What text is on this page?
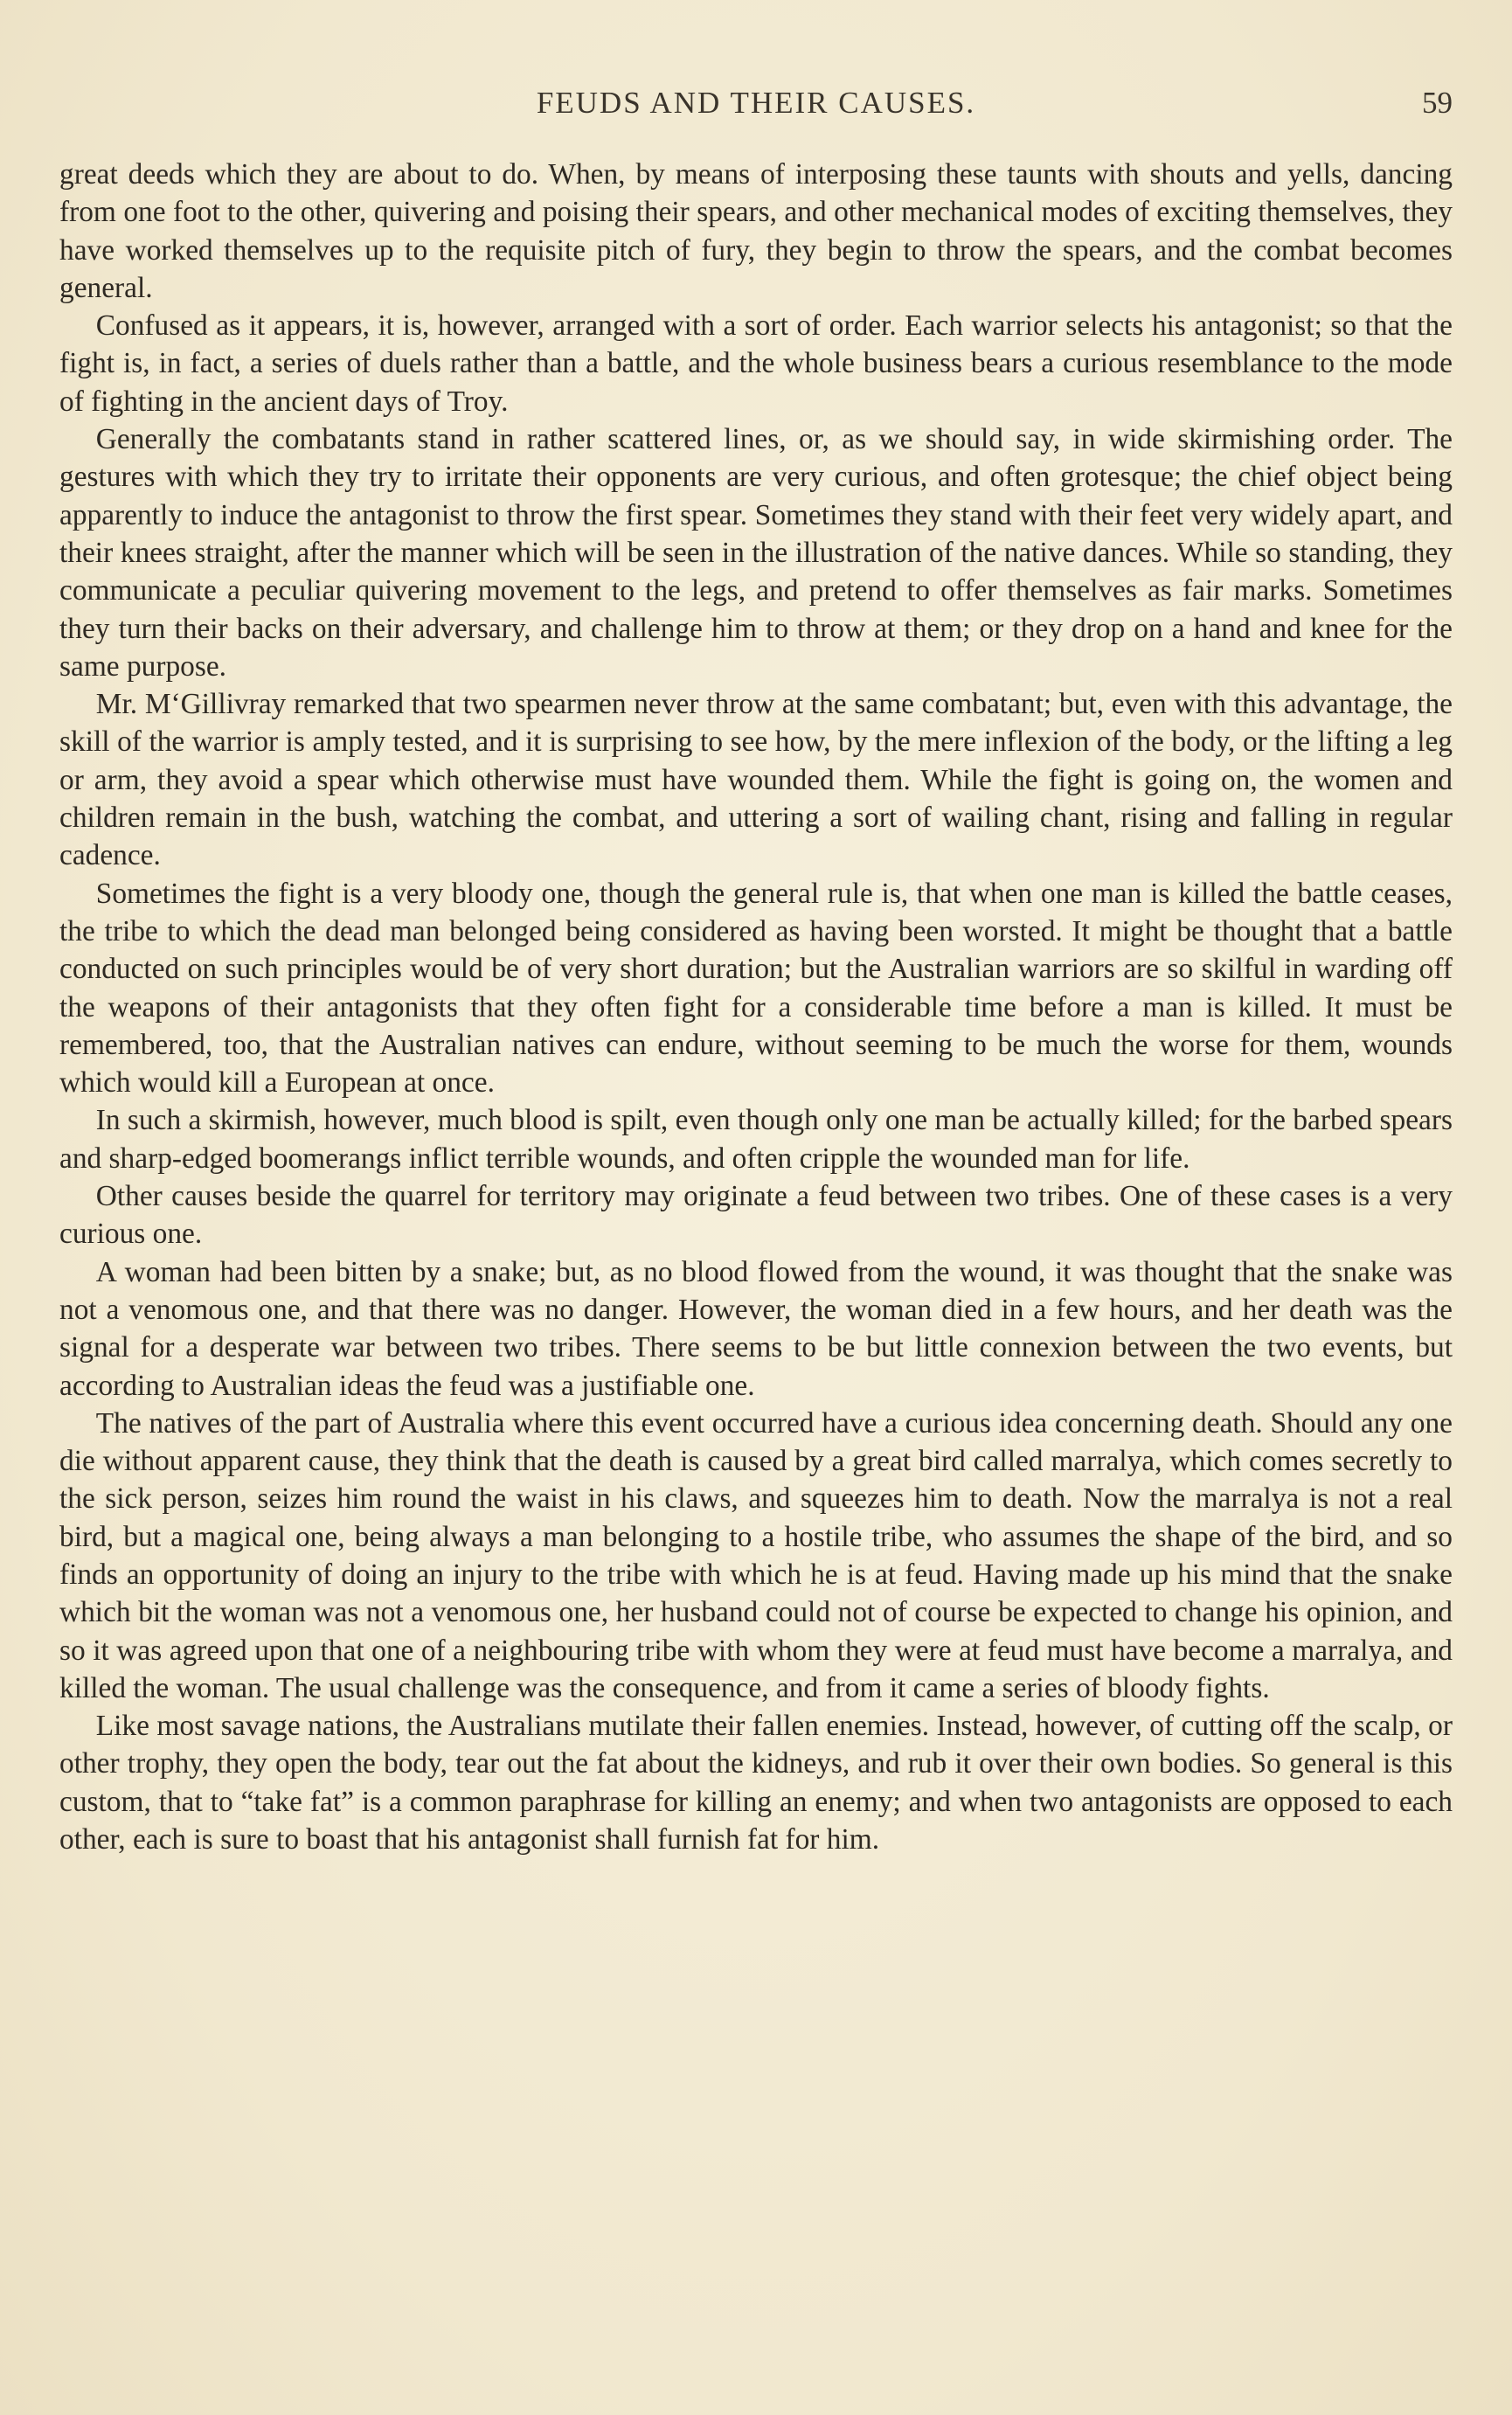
FEUDS AND THEIR CAUSES.	59

great deeds which they are about to do. When, by means of interposing these taunts with shouts and yells, dancing from one foot to the other, quivering and poising their spears, and other mechanical modes of exciting themselves, they have worked themselves up to the requisite pitch of fury, they begin to throw the spears, and the combat becomes general.

Confused as it appears, it is, however, arranged with a sort of order. Each warrior selects his antagonist; so that the fight is, in fact, a series of duels rather than a battle, and the whole business bears a curious resemblance to the mode of fighting in the ancient days of Troy.

Generally the combatants stand in rather scattered lines, or, as we should say, in wide skirmishing order. The gestures with which they try to irritate their opponents are very curious, and often grotesque; the chief object being apparently to induce the antagonist to throw the first spear. Sometimes they stand with their feet very widely apart, and their knees straight, after the manner which will be seen in the illustration of the native dances. While so standing, they communicate a peculiar quivering movement to the legs, and pretend to offer themselves as fair marks. Sometimes they turn their backs on their adversary, and challenge him to throw at them; or they drop on a hand and knee for the same purpose.

Mr. M‘Gillivray remarked that two spearmen never throw at the same combatant; but, even with this advantage, the skill of the warrior is amply tested, and it is surprising to see how, by the mere inflexion of the body, or the lifting a leg or arm, they avoid a spear which otherwise must have wounded them. While the fight is going on, the women and children remain in the bush, watching the combat, and uttering a sort of wailing chant, rising and falling in regular cadence.

Sometimes the fight is a very bloody one, though the general rule is, that when one man is killed the battle ceases, the tribe to which the dead man belonged being considered as having been worsted. It might be thought that a battle conducted on such principles would be of very short duration; but the Australian warriors are so skilful in warding off the weapons of their antagonists that they often fight for a considerable time before a man is killed. It must be remembered, too, that the Australian natives can endure, without seeming to be much the worse for them, wounds which would kill a European at once.

In such a skirmish, however, much blood is spilt, even though only one man be actually killed; for the barbed spears and sharp-edged boomerangs inflict terrible wounds, and often cripple the wounded man for life.

Other causes beside the quarrel for territory may originate a feud between two tribes. One of these cases is a very curious one.

A woman had been bitten by a snake; but, as no blood flowed from the wound, it was thought that the snake was not a venomous one, and that there was no danger. However, the woman died in a few hours, and her death was the signal for a desperate war between two tribes. There seems to be but little connexion between the two events, but according to Australian ideas the feud was a justifiable one.

The natives of the part of Australia where this event occurred have a curious idea concerning death. Should any one die without apparent cause, they think that the death is caused by a great bird called marralya, which comes secretly to the sick person, seizes him round the waist in his claws, and squeezes him to death. Now the marralya is not a real bird, but a magical one, being always a man belonging to a hostile tribe, who assumes the shape of the bird, and so finds an opportunity of doing an injury to the tribe with which he is at feud. Having made up his mind that the snake which bit the woman was not a venomous one, her husband could not of course be expected to change his opinion, and so it was agreed upon that one of a neighbouring tribe with whom they were at feud must have become a marralya, and killed the woman. The usual challenge was the consequence, and from it came a series of bloody fights.

Like most savage nations, the Australians mutilate their fallen enemies. Instead, however, of cutting off the scalp, or other trophy, they open the body, tear out the fat about the kidneys, and rub it over their own bodies. So general is this custom, that to “take fat” is a common paraphrase for killing an enemy; and when two antagonists are opposed to each other, each is sure to boast that his antagonist shall furnish fat for him.
